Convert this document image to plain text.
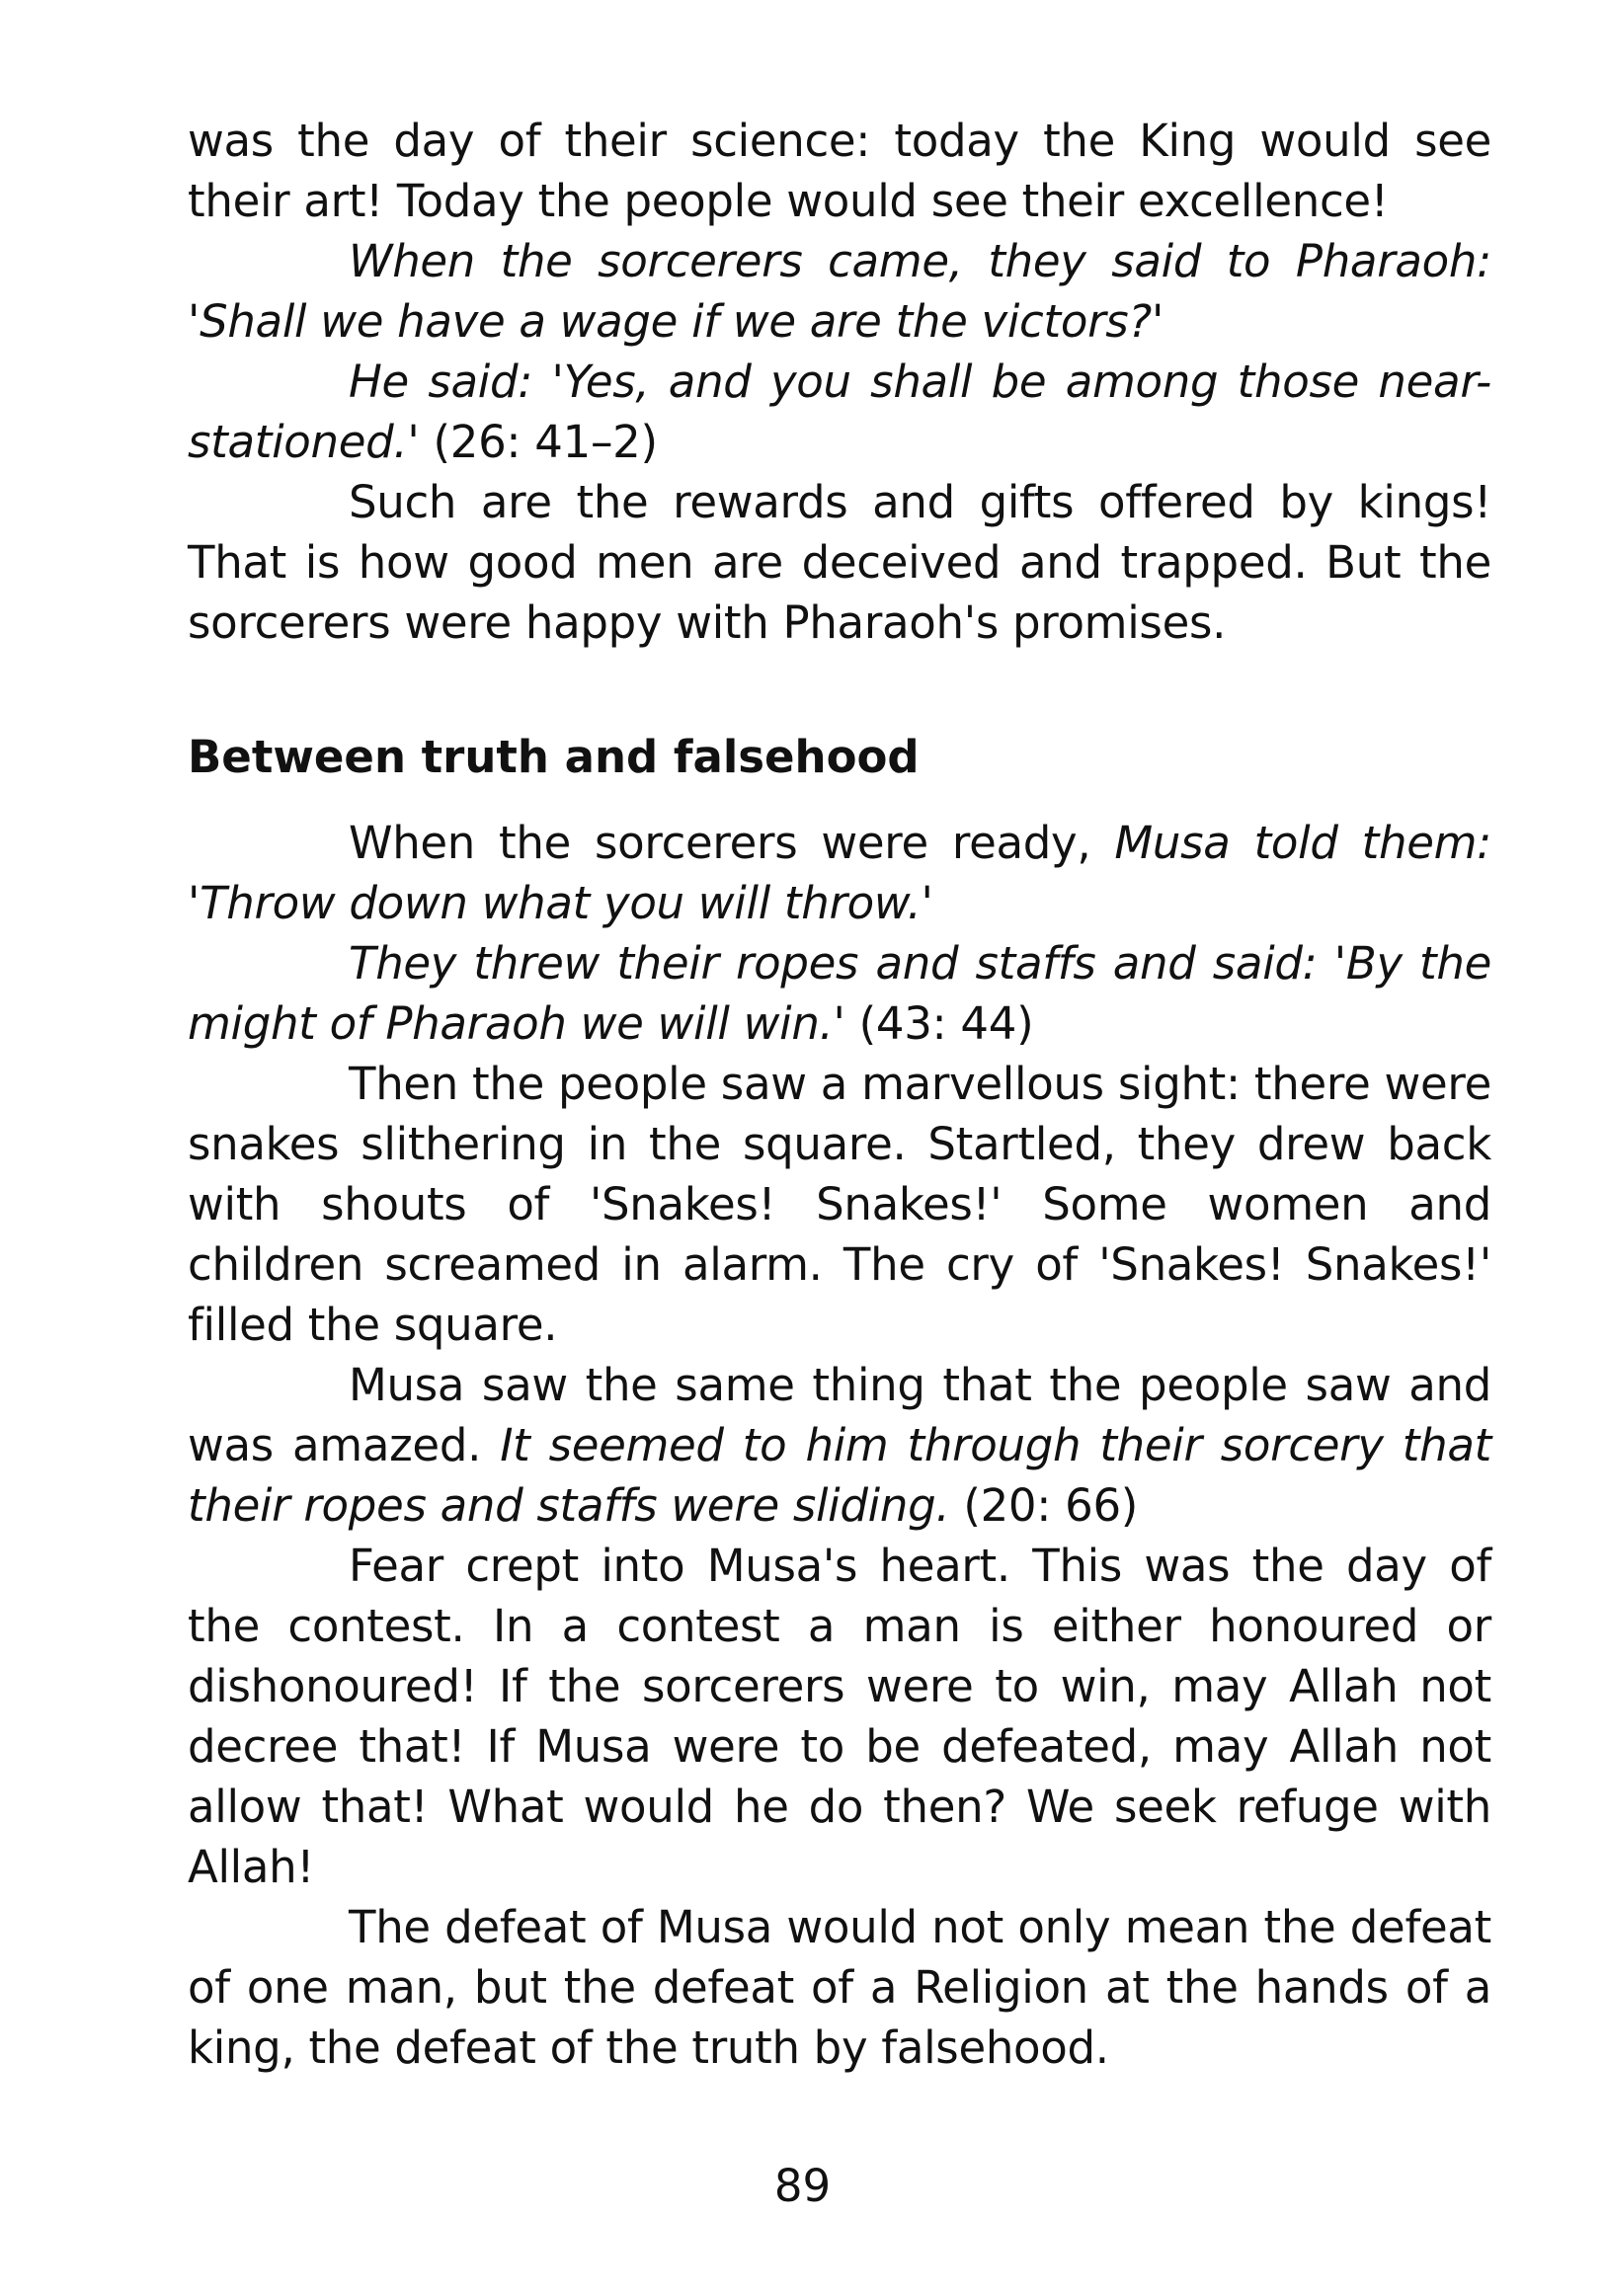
was the day of their science: today the King would see their art! Today the people would see their excellence!

When the sorcerers came, they said to Pharaoh: 'Shall we have a wage if we are the victors?'

He said: 'Yes, and you shall be among those near-stationed.' (26: 41–2)

Such are the rewards and gifts offered by kings! That is how good men are deceived and trapped. But the sorcerers were happy with Pharaoh's promises.

Between truth and falsehood

When the sorcerers were ready, Musa told them: 'Throw down what you will throw.'

They threw their ropes and staffs and said: 'By the might of Pharaoh we will win.' (43: 44)

Then the people saw a marvellous sight: there were snakes slithering in the square. Startled, they drew back with shouts of 'Snakes! Snakes!' Some women and children screamed in alarm. The cry of 'Snakes! Snakes!' filled the square.

Musa saw the same thing that the people saw and was amazed. It seemed to him through their sorcery that their ropes and staffs were sliding. (20: 66)

Fear crept into Musa's heart. This was the day of the contest. In a contest a man is either honoured or dishonoured! If the sorcerers were to win, may Allah not decree that! If Musa were to be defeated, may Allah not allow that! What would he do then? We seek refuge with Allah!

The defeat of Musa would not only mean the defeat of one man, but the defeat of a Religion at the hands of a king, the defeat of the truth by falsehood.

89
